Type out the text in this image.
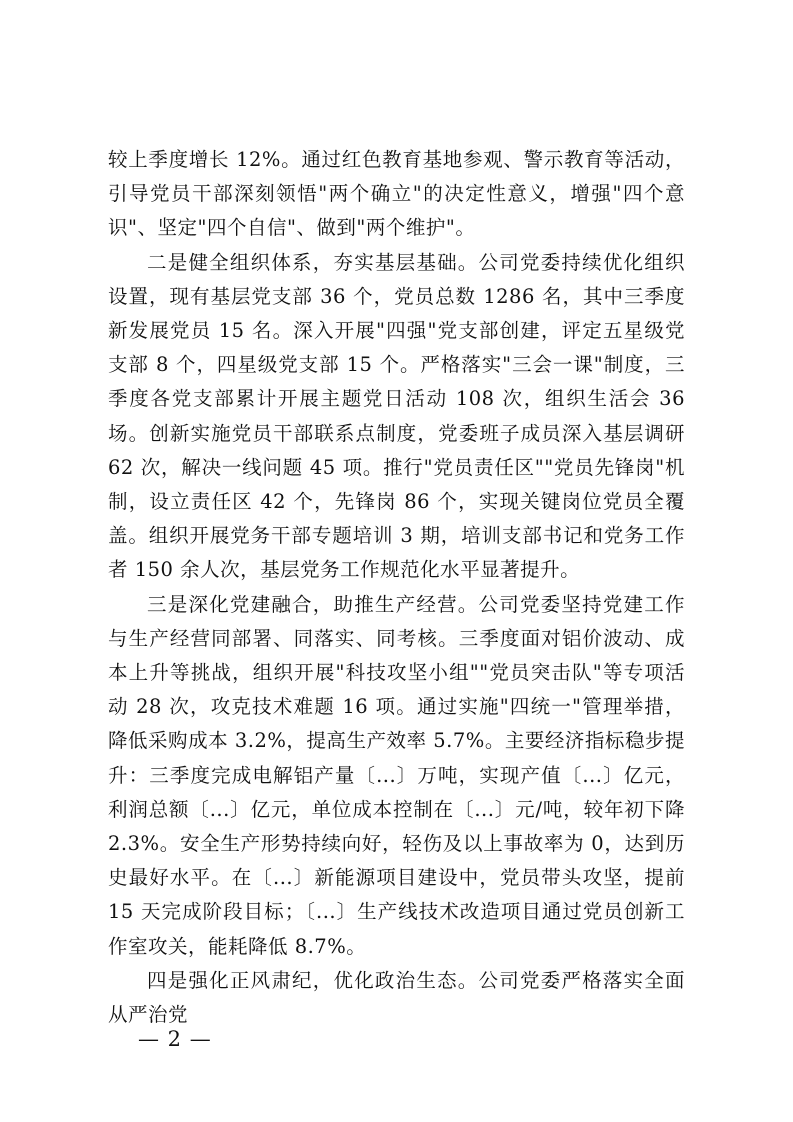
较上季度增长 12%。通过红色教育基地参观、警示教育等活动，引导党员干部深刻领悟"两个确立"的决定性意义，增强"四个意识"、坚定"四个自信"、做到"两个维护"。

二是健全组织体系，夯实基层基础。公司党委持续优化组织设置，现有基层党支部 36 个，党员总数 1286 名，其中三季度新发展党员 15 名。深入开展"四强"党支部创建，评定五星级党支部 8 个，四星级党支部 15 个。严格落实"三会一课"制度，三季度各党支部累计开展主题党日活动 108 次，组织生活会 36 场。创新实施党员干部联系点制度，党委班子成员深入基层调研 62 次，解决一线问题 45 项。推行"党员责任区""党员先锋岗"机制，设立责任区 42 个，先锋岗 86 个，实现关键岗位党员全覆盖。组织开展党务干部专题培训 3 期，培训支部书记和党务工作者 150 余人次，基层党务工作规范化水平显著提升。

三是深化党建融合，助推生产经营。公司党委坚持党建工作与生产经营同部署、同落实、同考核。三季度面对铝价波动、成本上升等挑战，组织开展"科技攻坚小组""党员突击队"等专项活动 28 次，攻克技术难题 16 项。通过实施"四统一"管理举措，降低采购成本 3.2%，提高生产效率 5.7%。主要经济指标稳步提升：三季度完成电解铝产量〔...〕万吨，实现产值〔...〕亿元，利润总额〔...〕亿元，单位成本控制在〔...〕元/吨，较年初下降 2.3%。安全生产形势持续向好，轻伤及以上事故率为 0，达到历史最好水平。在〔...〕新能源项目建设中，党员带头攻坚，提前 15 天完成阶段目标；〔...〕生产线技术改造项目通过党员创新工作室攻关，能耗降低 8.7%。

四是强化正风肃纪，优化政治生态。公司党委严格落实全面从严治党

— 2 —
